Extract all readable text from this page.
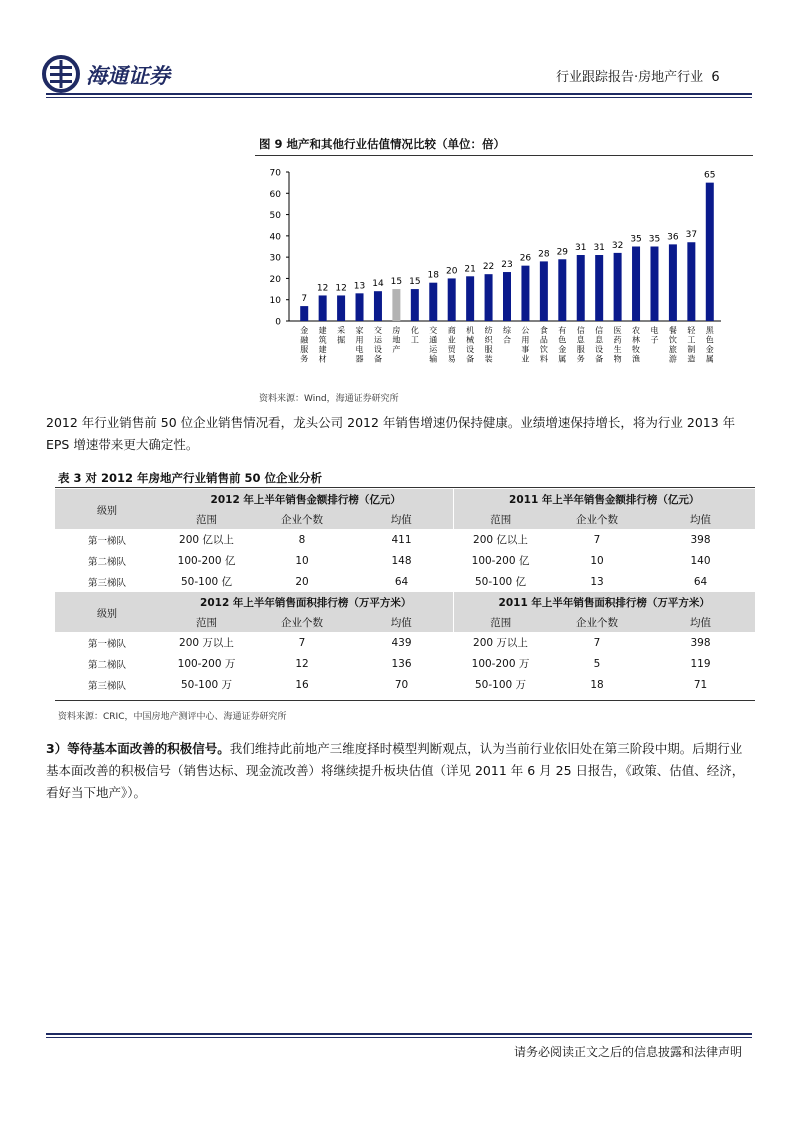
海通证券	行业跟踪报告·房地产行业 6
图 9 地产和其他行业估值情况比较（单位：倍）
0
10
20
30
40
50
60
70
7
金融服务
12
建筑建材
12
采掘
13
家用电器
14
交运设备
15
房地产
15
化工
18
交通运输
20
商业贸易
21
机械设备
22
纺织服装
23
综合
26
公用事业
28
食品饮料
29
有色金属
31
信息服务
31
信息设备
32
医药生物
35
农林牧渔
35
电子
36
餐饮旅游
37
轻工制造
65
黑色金属
资料来源：Wind，海通证券研究所
2012 年行业销售前 50 位企业销售情况看，龙头公司 2012 年销售增速仍保持健康。业绩增速保持增长，将为行业 2013 年 EPS 增速带来更大确定性。
表 3 对 2012 年房地产行业销售前 50 位企业分析
级别	2012 年上半年销售金额排行榜（亿元）			2011 年上半年销售金额排行榜（亿元）		
	范围	企业个数	均值	范围	企业个数	均值
第一梯队	200 亿以上	8	411	200 亿以上	7	398
第二梯队	100-200 亿	10	148	100-200 亿	10	140
第三梯队	50-100 亿	20	64	50-100 亿	13	64
级别	2012 年上半年销售面积排行榜（万平方米）			2011 年上半年销售面积排行榜（万平方米）		
	范围	企业个数	均值	范围	企业个数	均值
第一梯队	200 万以上	7	439	200 万以上	7	398
第二梯队	100-200 万	12	136	100-200 万	5	119
第三梯队	50-100 万	16	70	50-100 万	18	71
资料来源：CRIC，中国房地产测评中心、海通证券研究所
3）等待基本面改善的积极信号。我们维持此前地产三维度择时模型判断观点，认为当前行业依旧处在第三阶段中期。后期行业基本面改善的积极信号（销售达标、现金流改善）将继续提升板块估值（详见 2011 年 6 月 25 日报告，《政策、估值、经济，看好当下地产》）。
请务必阅读正文之后的信息披露和法律声明
